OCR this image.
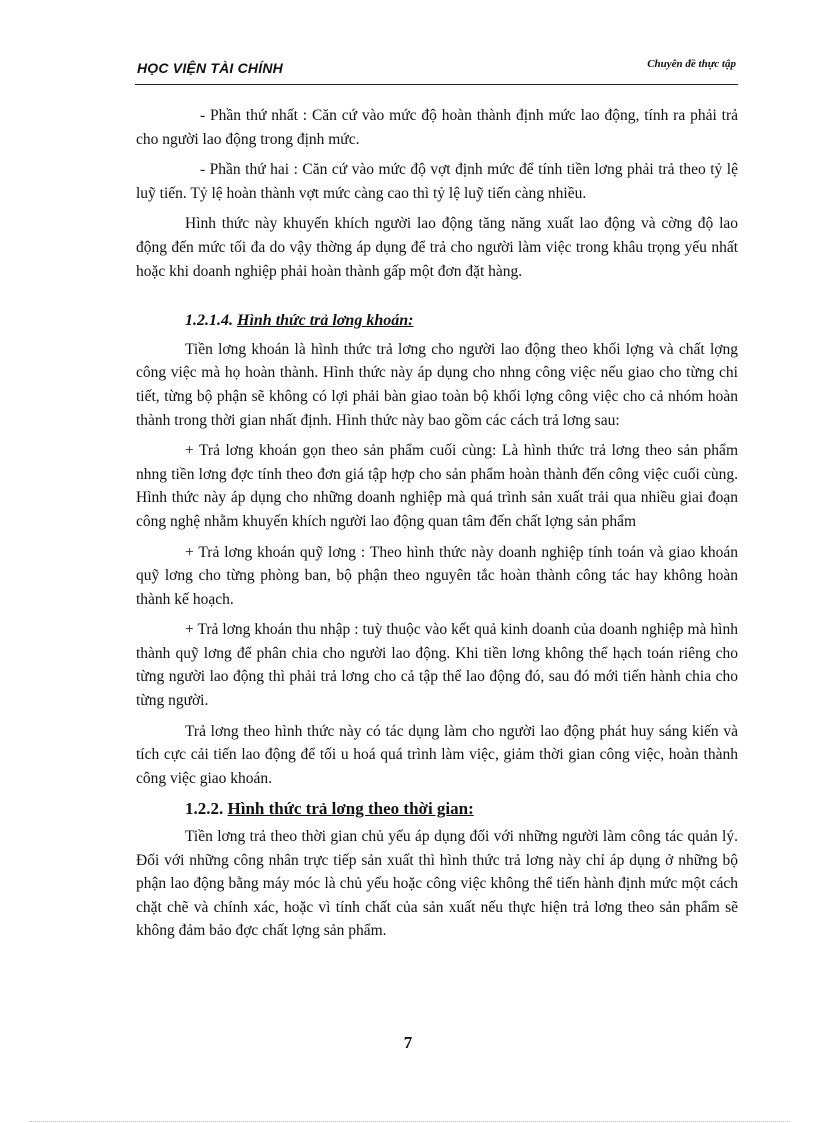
HỌC VIỆN TÀI CHÍNH	Chuyên đề thực tập

- Phần thứ nhất : Căn cứ vào mức độ hoàn thành định mức lao động, tính ra phải trả cho người lao động trong định mức.

- Phần thứ hai : Căn cứ vào mức độ vợt định mức để tính tiền lơng phải trả theo tỷ lệ luỹ tiến. Tỷ lệ hoàn thành vợt mức càng cao thì tỷ lệ luỹ tiến càng nhiều.

Hình thức này khuyến khích người lao động tăng năng xuất lao động và cờng độ lao động đến mức tối đa do vậy thờng áp dụng để trả cho người làm việc trong khâu trọng yếu nhất hoặc khi doanh nghiệp phải hoàn thành gấp một đơn đặt hàng.

1.2.1.4. Hình thức trả lơng khoán:

Tiền lơng khoán là hình thức trả lơng cho người lao động theo khối lợng và chất lợng công việc mà họ hoàn thành. Hình thức này áp dụng cho nhng công việc nếu giao cho từng chi tiết, từng bộ phận sẽ không có lợi phải bàn giao toàn bộ khối lợng công việc cho cả nhóm hoàn thành trong thời gian nhất định. Hình thức này bao gồm các cách trả lơng sau:

+ Trả lơng khoán gọn theo sản phẩm cuối cùng: Là hình thức trả lơng theo sản phẩm nhng tiền lơng đợc tính theo đơn giá tập hợp cho sản phẩm hoàn thành đến công việc cuối cùng. Hình thức này áp dụng cho những doanh nghiệp mà quá trình sản xuất trải qua nhiều giai đoạn công nghệ nhằm khuyến khích người lao động quan tâm đến chất lợng sản phẩm

+ Trả lơng khoán quỹ lơng : Theo hình thức này doanh nghiệp tính toán và giao khoán quỹ lơng cho từng phòng ban, bộ phận theo nguyên tắc hoàn thành công tác hay không hoàn thành kế hoạch.

+ Trả lơng khoán thu nhập : tuỳ thuộc vào kết quả kinh doanh của doanh nghiệp mà hình thành quỹ lơng để phân chia cho người lao động. Khi tiền lơng không thể hạch toán riêng cho từng người lao động thì phải trả lơng cho cả tập thể lao động đó, sau đó mới tiến hành chia cho từng người.

Trả lơng theo hình thức này có tác dụng làm cho người lao động phát huy sáng kiến và tích cực cải tiến lao động để tối u hoá quá trình làm việc, giảm thời gian công việc, hoàn thành công việc giao khoán.

1.2.2. Hình thức trả lơng theo thời gian:

Tiền lơng trả theo thời gian chủ yếu áp dụng đối với những người làm công tác quản lý. Đối với những công nhân trực tiếp sản xuất thì hình thức trả lơng này chỉ áp dụng ở những bộ phận lao động bằng máy móc là chủ yếu hoặc công việc không thể tiến hành định mức một cách chặt chẽ và chính xác, hoặc vì tính chất của sản xuất nếu thực hiện trả lơng theo sản phẩm sẽ không đảm bảo đợc chất lợng sản phẩm.

7
